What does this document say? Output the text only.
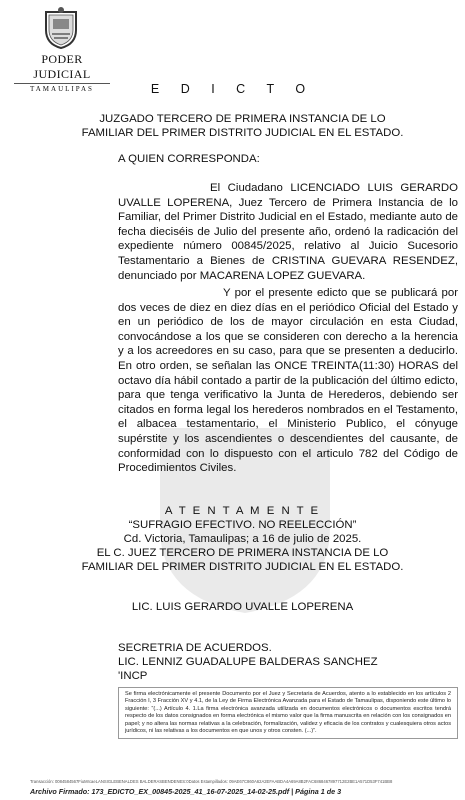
PODER JUDICIAL
TAMAULIPAS	E D I C T O
JUZGADO TERCERO DE PRIMERA INSTANCIA DE LO
FAMILIAR DEL PRIMER DISTRITO JUDICIAL EN EL ESTADO.
A QUIEN CORRESPONDA:
El Ciudadano LICENCIADO LUIS GERARDO UVALLE LOPERENA, Juez Tercero de Primera Instancia de lo Familiar, del Primer Distrito Judicial en el Estado, mediante auto de fecha dieciséis de Julio del presente año, ordenó la radicación del expediente número 00845/2025, relativo al Juicio Sucesorio Testamentario a Bienes de CRISTINA GUEVARA RESENDEZ, denunciado por MACARENA LOPEZ GUEVARA.
Y por el presente edicto que se publicará por dos veces de diez en diez días en el periódico Oficial del Estado y en un periódico de los de mayor circulación en esta Ciudad, convocándose a los que se consideren con derecho a la herencia y a los acreedores en su caso, para que se presenten a deducirlo. En otro orden, se señalan las ONCE TREINTA(11:30) HORAS del octavo día hábil contado a partir de la publicación del último edicto, para que tenga verificativo la Junta de Herederos, debiendo ser citados en forma legal los herederos nombrados en el Testamento, el albacea testamentario, el Ministerio Publico, el cónyuge supérstite y los ascendientes o descendientes del causante, de conformidad con lo dispuesto con el articulo 782 del Código de Procedimientos Civiles.
A T E N T A M E N T E
“SUFRAGIO EFECTIVO. NO REELECCIÓN”
Cd. Victoria, Tamaulipas; a 16 de julio de 2025.
EL C. JUEZ TERCERO DE PRIMERA INSTANCIA DE LO
FAMILIAR DEL PRIMER DISTRITO JUDICIAL EN EL ESTADO.
LIC. LUIS GERARDO UVALLE LOPERENA
SECRETRIA DE ACUERDOS.
LIC. LENNIZ GUADALUPE BALDERAS SANCHEZ
'INCP
Se firma electrónicamente el presente Documento por el Juez y Secretaria de Acuerdos, atento a lo establecido en los artículos 2 Fracción I, 3 Fracción XV y 4.1, de la Ley de Firma Electrónica Avanzada para el Estado de Tamaulipas, disponiendo este último lo siguiente: “(...) Artículo 4. 1.La firma electrónica avanzada utilizada en documentos electrónicos o documentos escritos tendrá respecto de los datos consignados en forma electrónica el mismo valor que la firma manuscrita en relación con los consignados en papel; y no altera las normas relativas a la celebración, formalización, validez y eficacia de los contratos y cualesquiera otros actos jurídicos, ni las relativas a los documentos en que unos y otros consten. (...)”.
Transacción: 0084584567FiuMrcaeLANSIGLEBENALDES BALDERASBENDENES:0Datos Estampillados: 09AE67C860A62A2EFAABDA4A69A8B2FAC6868467897712E2BE1A571D53F741BB8
Archivo Firmado: 173_EDICTO_EX_00845-2025_41_16-07-2025_14-02-25.pdf | Página 1 de 3
